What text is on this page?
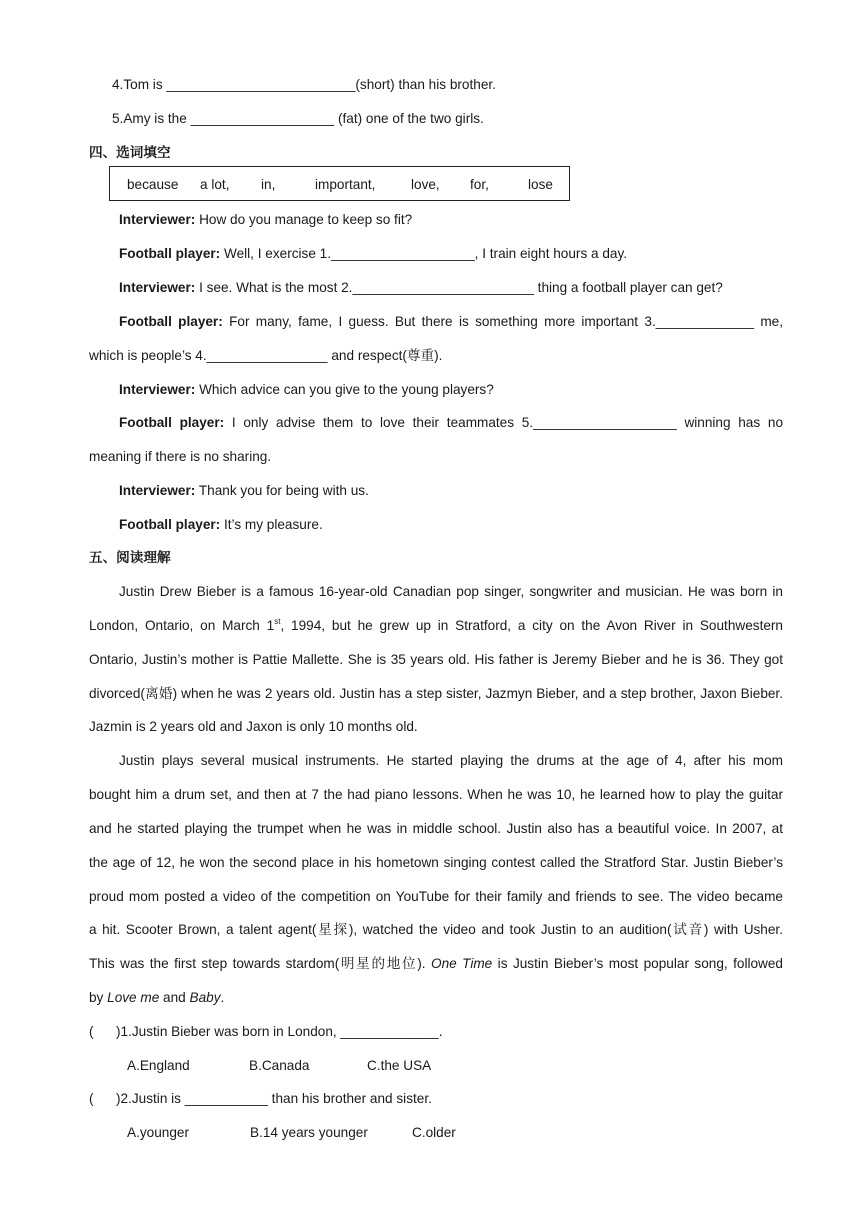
4.Tom is _________________________(short) than his brother.
5.Amy is the ___________________ (fat) one of the two girls.
四、选词填空
because a lot, in,	important,	love, for,	lose
Interviewer: How do you manage to keep so fit?
Football player: Well, I exercise 1.___________________, I train eight hours a day.
Interviewer: I see. What is the most 2.________________________ thing a football player can get?
Football player: For many, fame, I guess. But there is something more important 3._____________ me,
which is people’s 4.________________ and respect(尊重).
Interviewer: Which advice can you give to the young players?
Football player: I only advise them to love their teammates 5.___________________ winning has no
meaning if there is no sharing.
Interviewer: Thank you for being with us.
Football player: It’s my pleasure.
五、阅读理解
Justin Drew Bieber is a famous 16-year-old Canadian pop singer, songwriter and musician. He was born in
London, Ontario, on March 1st, 1994, but he grew up in Stratford, a city on the Avon River in Southwestern
Ontario, Justin’s mother is Pattie Mallette. She is 35 years old. His father is Jeremy Bieber and he is 36. They got
divorced(离婚) when he was 2 years old. Justin has a step sister, Jazmyn Bieber, and a step brother, Jaxon Bieber.
Jazmin is 2 years old and Jaxon is only 10 months old.
Justin plays several musical instruments. He started playing the drums at the age of 4, after his mom
bought him a drum set, and then at 7 the had piano lessons. When he was 10, he learned how to play the guitar
and he started playing the trumpet when he was in middle school. Justin also has a beautiful voice. In 2007, at
the age of 12, he won the second place in his hometown singing contest called the Stratford Star. Justin Bieber’s
proud mom posted a video of the competition on YouTube for their family and friends to see. The video became
a hit. Scooter Brown, a talent agent(星探), watched the video and took Justin to an audition(试音) with Usher.
This was the first step towards stardom(明星的地位). One Time is Justin Bieber’s most popular song, followed
by Love me and Baby.
( )1.Justin Bieber was born in London, _____________.
A.England	B.Canada	C.the USA
( )2.Justin is ___________ than his brother and sister.
A.younger	B.14 years younger	C.older
